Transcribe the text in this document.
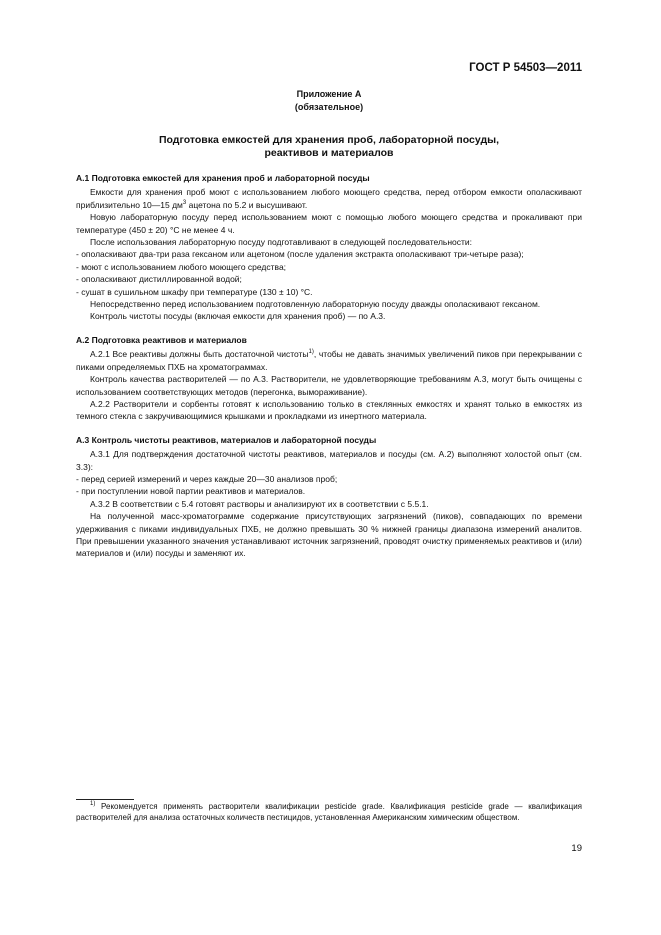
ГОСТ Р 54503—2011
Приложение А
(обязательное)
Подготовка емкостей для хранения проб, лабораторной посуды,
реактивов и материалов
А.1 Подготовка емкостей для хранения проб и лабораторной посуды

Емкости для хранения проб моют с использованием любого моющего средства, перед отбором емкости ополаскивают приблизительно 10—15 $дм^3$ ацетона по 5.2 и высушивают.

Новую лабораторную посуду перед использованием моют с помощью любого моющего средства и прокаливают при температуре (450 ± 20) °С не менее 4 ч.

После использования лабораторную посуду подготавливают в следующей последовательности:

- ополаскивают два-три раза гексаном или ацетоном (после удаления экстракта ополаскивают три-четыре раза);

- моют с использованием любого моющего средства;

- ополаскивают дистиллированной водой;

- сушат в сушильном шкафу при температуре (130 ± 10) °С.

Непосредственно перед использованием подготовленную лабораторную посуду дважды ополаскивают гексаном.

Контроль чистоты посуды (включая емкости для хранения проб) — по А.3.

А.2 Подготовка реактивов и материалов

А.2.1 Все реактивы должны быть достаточной чистоты$^{1)}$, чтобы не давать значимых увеличений пиков при перекрывании с пиками определяемых ПХБ на хроматограммах.

Контроль качества растворителей — по А.3. Растворители, не удовлетворяющие требованиям А.3, могут быть очищены с использованием соответствующих методов (перегонка, вымораживание).

А.2.2 Растворители и сорбенты готовят к использованию только в стеклянных емкостях и хранят только в емкостях из темного стекла с закручивающимися крышками и прокладками из инертного материала.

А.3 Контроль чистоты реактивов, материалов и лабораторной посуды

А.3.1 Для подтверждения достаточной чистоты реактивов, материалов и посуды (см. А.2) выполняют холостой опыт (см. 3.3):

- перед серией измерений и через каждые 20—30 анализов проб;

- при поступлении новой партии реактивов и материалов.

А.3.2 В соответствии с 5.4 готовят растворы и анализируют их в соответствии с 5.5.1.

На полученной масс-хроматограмме содержание присутствующих загрязнений (пиков), совпадающих по времени удерживания с пиками индивидуальных ПХБ, не должно превышать 30 % нижней границы диапазона измерений аналитов. При превышении указанного значения устанавливают источник загрязнений, проводят очистку применяемых реактивов и (или) материалов и (или) посуды и заменяют их.

$^{1)}$ Рекомендуется применять растворители квалификации pesticide grade. Квалификация pesticide grade — квалификация растворителей для анализа остаточных количеств пестицидов, установленная Американским химическим обществом.
19
